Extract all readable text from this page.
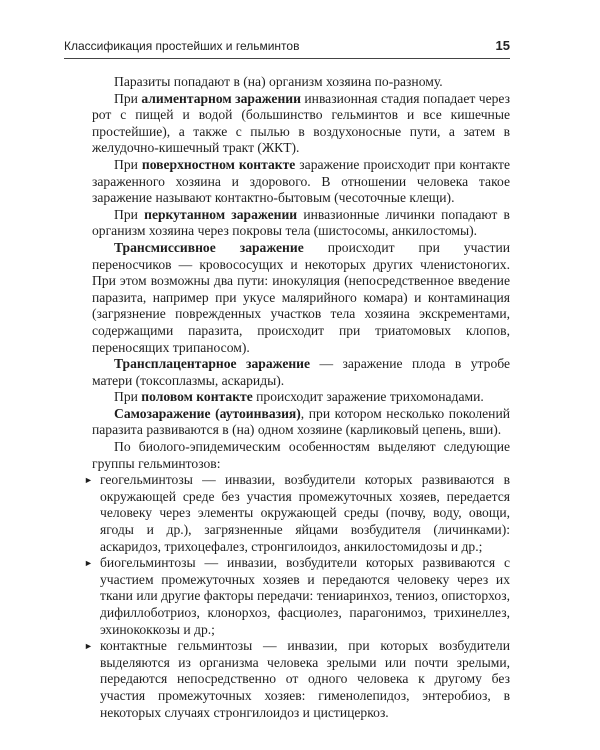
Классификация простейших и гельминтов	15

Паразиты попадают в (на) организм хозяина по-разному.

При алиментарном заражении инвазионная стадия попадает через рот с пищей и водой (большинство гельминтов и все кишечные простейшие), а также с пылью в воздухоносные пути, а затем в желудочно-кишечный тракт (ЖКТ).

При поверхностном контакте заражение происходит при контакте зараженного хозяина и здорового. В отношении человека такое заражение называют контактно-бытовым (чесоточные клещи).

При перкутанном заражении инвазионные личинки попадают в организм хозяина через покровы тела (шистосомы, анкилостомы).

Трансмиссивное заражение происходит при участии переносчиков — кровососущих и некоторых других членистоногих. При этом возможны два пути: инокуляция (непосредственное введение паразита, например при укусе малярийного комара) и контаминация (загрязнение поврежденных участков тела хозяина экскрементами, содержащими паразита, происходит при триатомовых клопов, переносящих трипаносом).

Трансплацентарное заражение — заражение плода в утробе матери (токсоплазмы, аскариды).

При половом контакте происходит заражение трихомонадами.

Самозаражение (аутоинвазия), при котором несколько поколений паразита развиваются в (на) одном хозяине (карликовый цепень, вши).

По биолого-эпидемическим особенностям выделяют следующие группы гельминтозов:

► геогельминтозы — инвазии, возбудители которых развиваются в окружающей среде без участия промежуточных хозяев, передается человеку через элементы окружающей среды (почву, воду, овощи, ягоды и др.), загрязненные яйцами возбудителя (личинками): аскаридоз, трихоцефалез, стронгилоидоз, анкилостомидозы и др.;
► биогельминтозы — инвазии, возбудители которых развиваются с участием промежуточных хозяев и передаются человеку через их ткани или другие факторы передачи: тениаринхоз, тениоз, описторхоз, дифиллоботриоз, клонорхоз, фасциолез, парагонимоз, трихинеллез, эхинококкозы и др.;
► контактные гельминтозы — инвазии, при которых возбудители выделяются из организма человека зрелыми или почти зрелыми, передаются непосредственно от одного человека к другому без участия промежуточных хозяев: гименолепидоз, энтеробиоз, в некоторых случаях стронгилоидоз и цистицеркоз.
